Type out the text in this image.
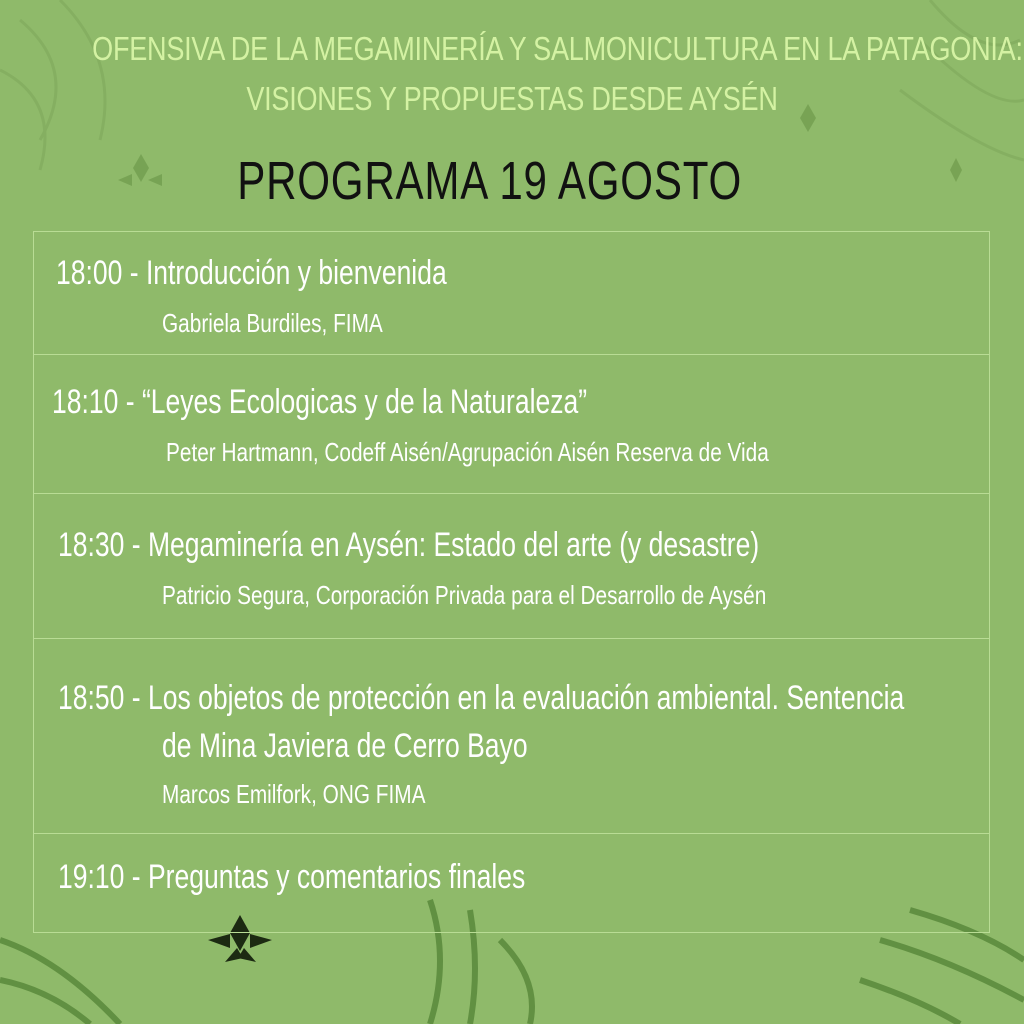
OFENSIVA DE LA MEGAMINERÍA Y SALMONICULTURA EN LA PATAGONIA:
VISIONES Y PROPUESTAS DESDE AYSÉN
PROGRAMA 19 AGOSTO
18:00 - Introducción y bienvenida
Gabriela Burdiles, FIMA
18:10 - “Leyes Ecologicas y de la Naturaleza”
Peter Hartmann, Codeff Aisén/Agrupación Aisén Reserva de Vida
18:30 - Megaminería en Aysén: Estado del arte (y desastre)
Patricio Segura, Corporación Privada para el Desarrollo de Aysén
18:50 - Los objetos de protección en la evaluación ambiental. Sentencia
de Mina Javiera de Cerro Bayo
Marcos Emilfork, ONG FIMA
19:10 - Preguntas y comentarios finales
